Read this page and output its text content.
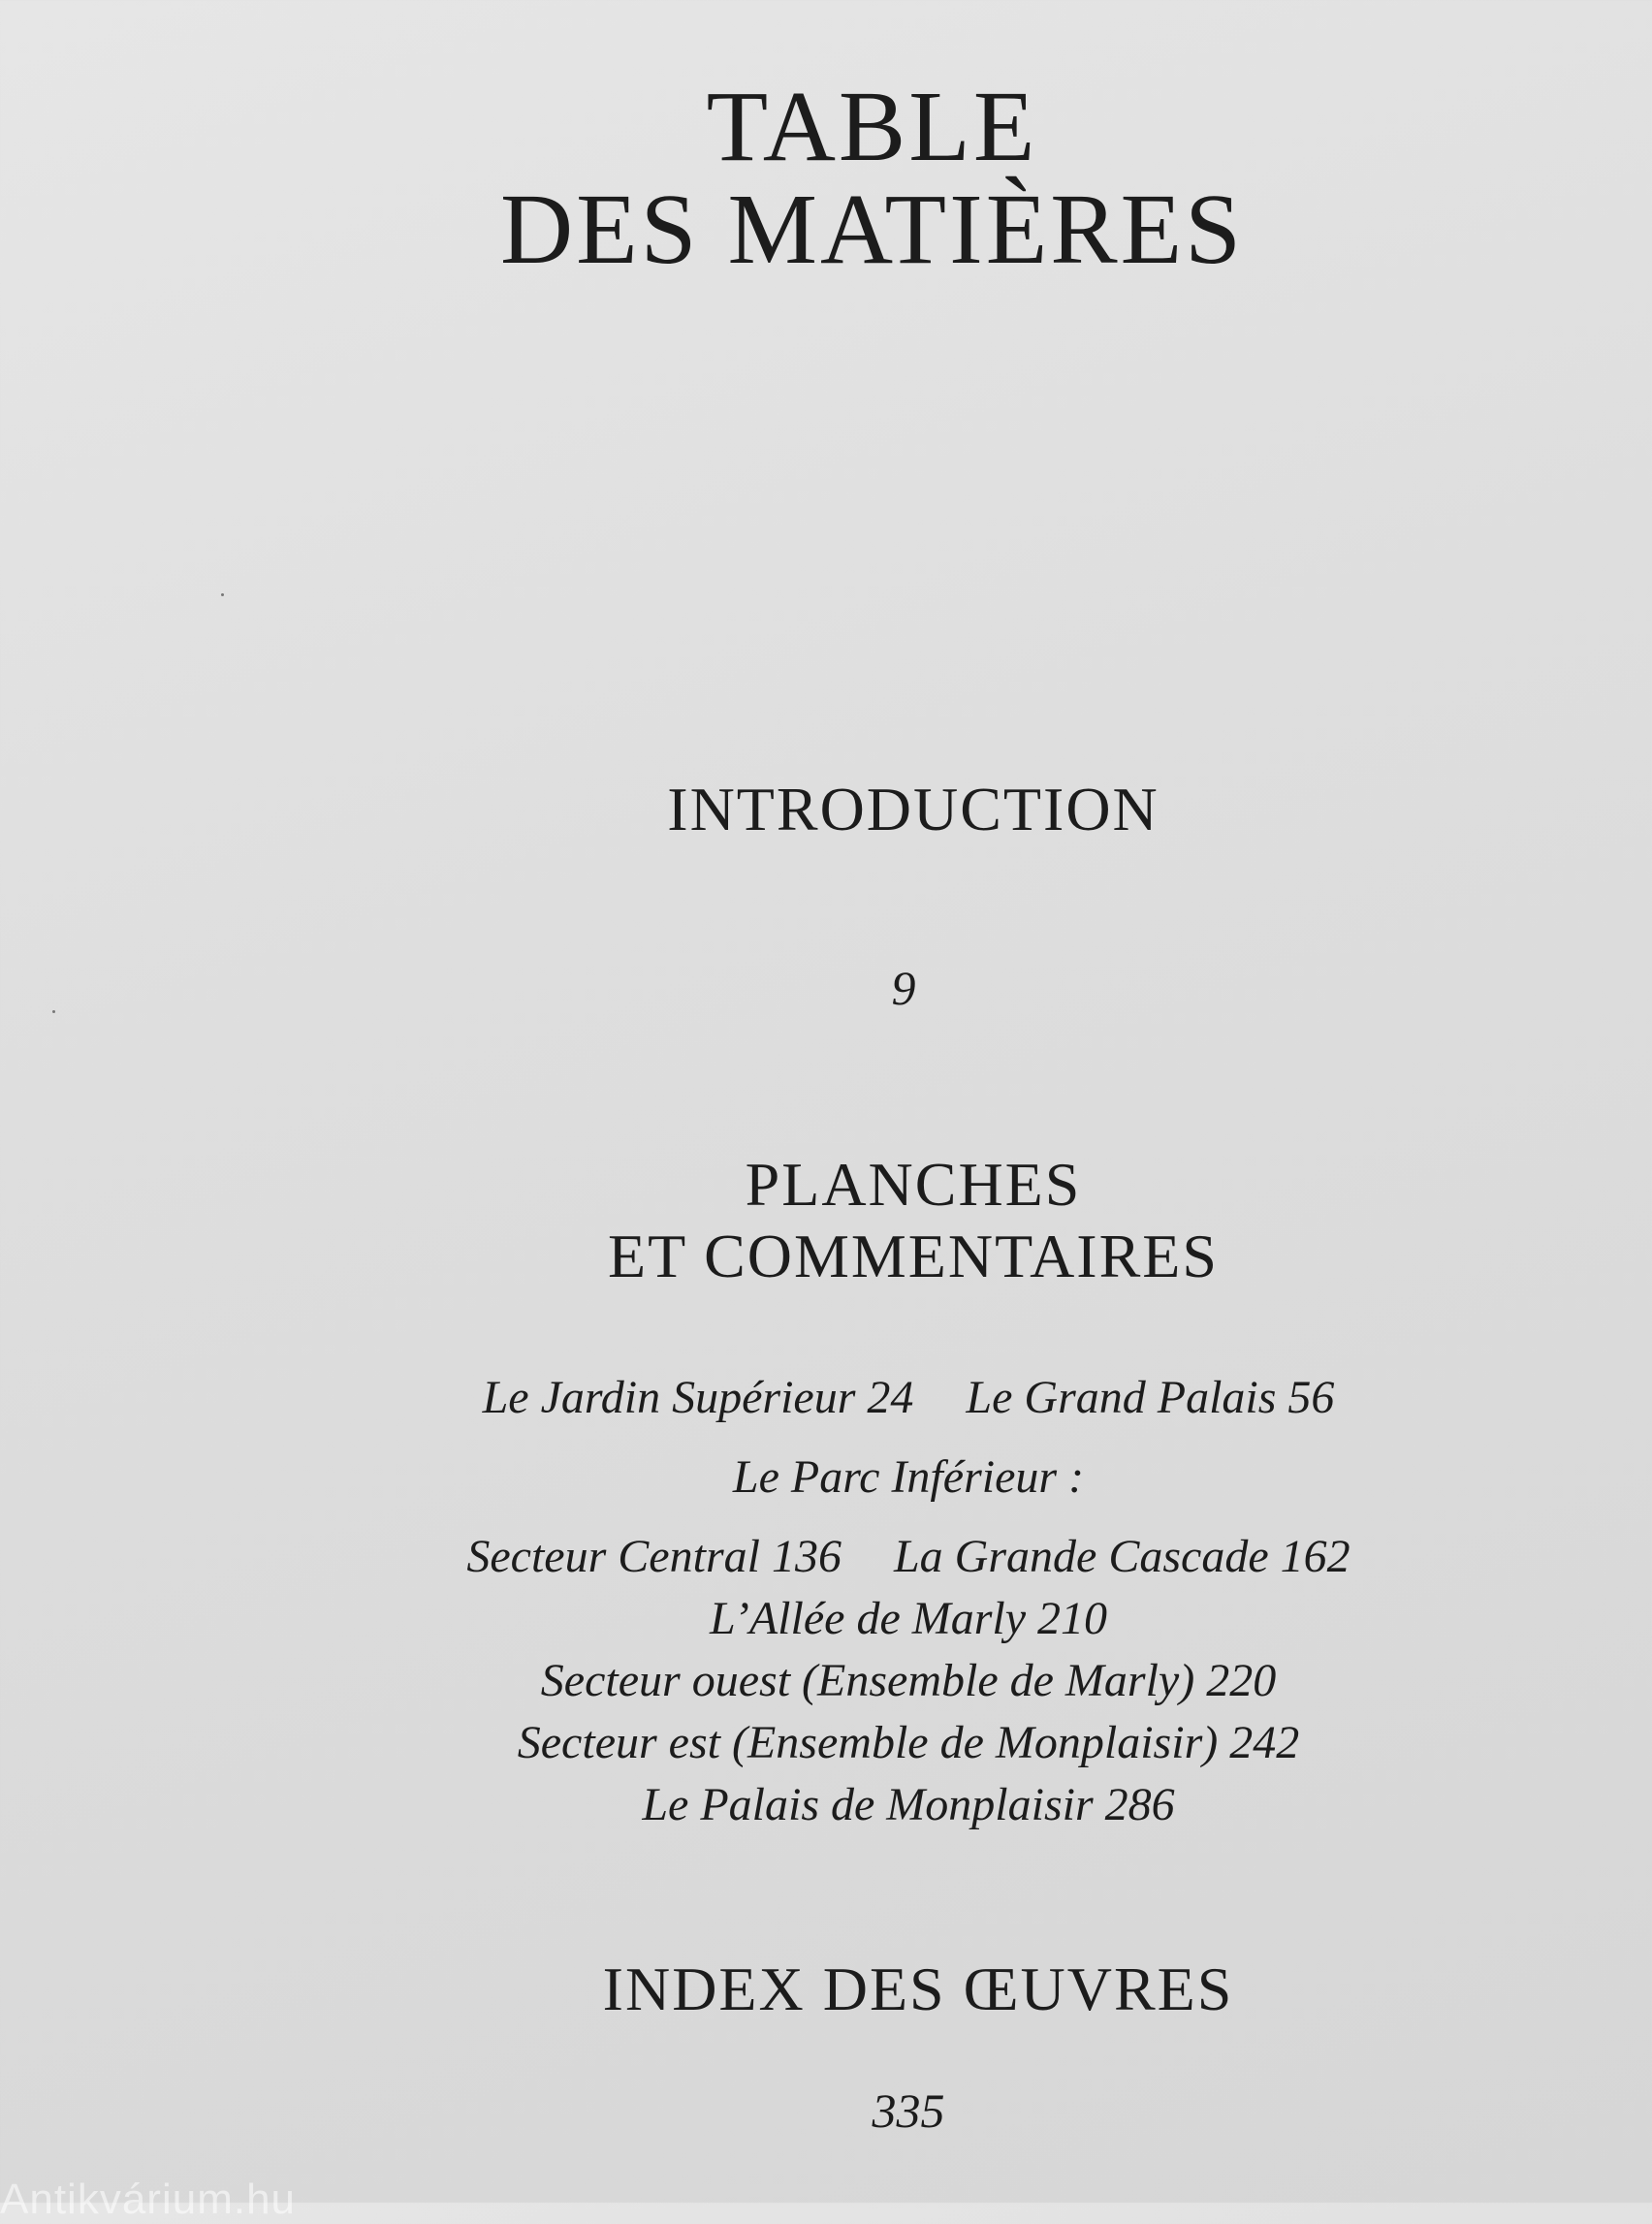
TABLE
DES MATIÈRES
INTRODUCTION
9
PLANCHES
ET COMMENTAIRES
Le Jardin Supérieur 24 Le Grand Palais 56
Le Parc Inférieur :
Secteur Central 136 La Grande Cascade 162
L’Allée de Marly 210
Secteur ouest (Ensemble de Marly) 220
Secteur est (Ensemble de Monplaisir) 242
Le Palais de Monplaisir 286
INDEX DES ŒUVRES
335
Antikvárium.hu
